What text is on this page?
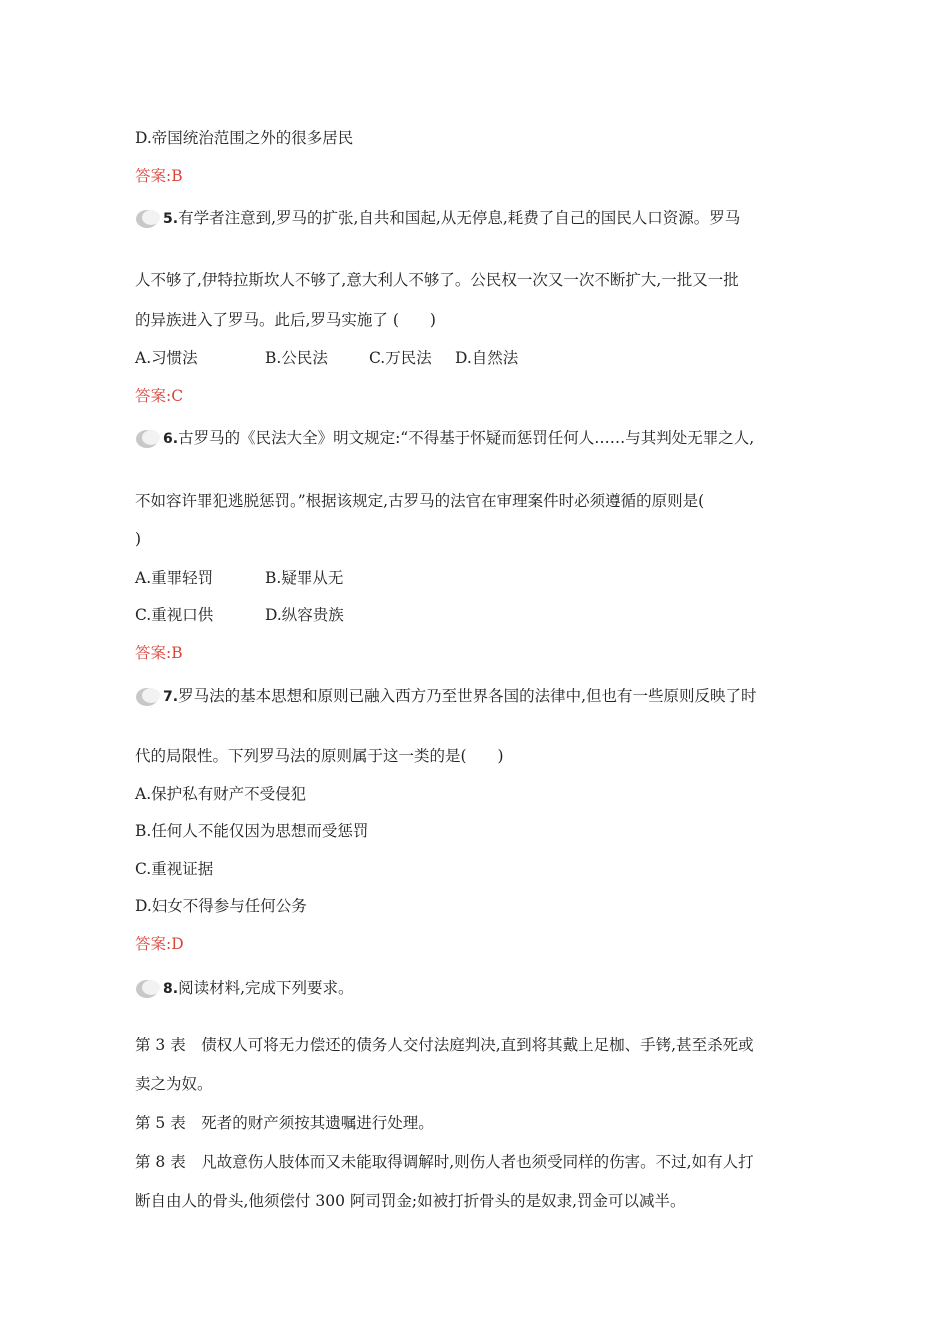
D.帝国统治范围之外的很多居民
答案:B
5.有学者注意到,罗马的扩张,自共和国起,从无停息,耗费了自己的国民人口资源。罗马
人不够了,伊特拉斯坎人不够了,意大利人不够了。公民权一次又一次不断扩大,一批又一批
的异族进入了罗马。此后,罗马实施了 (　　)
A.习惯法	B.公民法	C.万民法 D.自然法
答案:C
6.古罗马的《民法大全》明文规定:“不得基于怀疑而惩罚任何人……与其判处无罪之人,
不如容许罪犯逃脱惩罚。”根据该规定,古罗马的法官在审理案件时必须遵循的原则是(
)
A.重罪轻罚	B.疑罪从无
C.重视口供	D.纵容贵族
答案:B
7.罗马法的基本思想和原则已融入西方乃至世界各国的法律中,但也有一些原则反映了时
代的局限性。下列罗马法的原则属于这一类的是(　　)
A.保护私有财产不受侵犯
B.任何人不能仅因为思想而受惩罚
C.重视证据
D.妇女不得参与任何公务
答案:D
8.阅读材料,完成下列要求。
第 3 表　债权人可将无力偿还的债务人交付法庭判决,直到将其戴上足枷、手铐,甚至杀死或
卖之为奴。
第 5 表　死者的财产须按其遗嘱进行处理。
第 8 表　凡故意伤人肢体而又未能取得调解时,则伤人者也须受同样的伤害。不过,如有人打
断自由人的骨头,他须偿付 300 阿司罚金;如被打折骨头的是奴隶,罚金可以减半。
